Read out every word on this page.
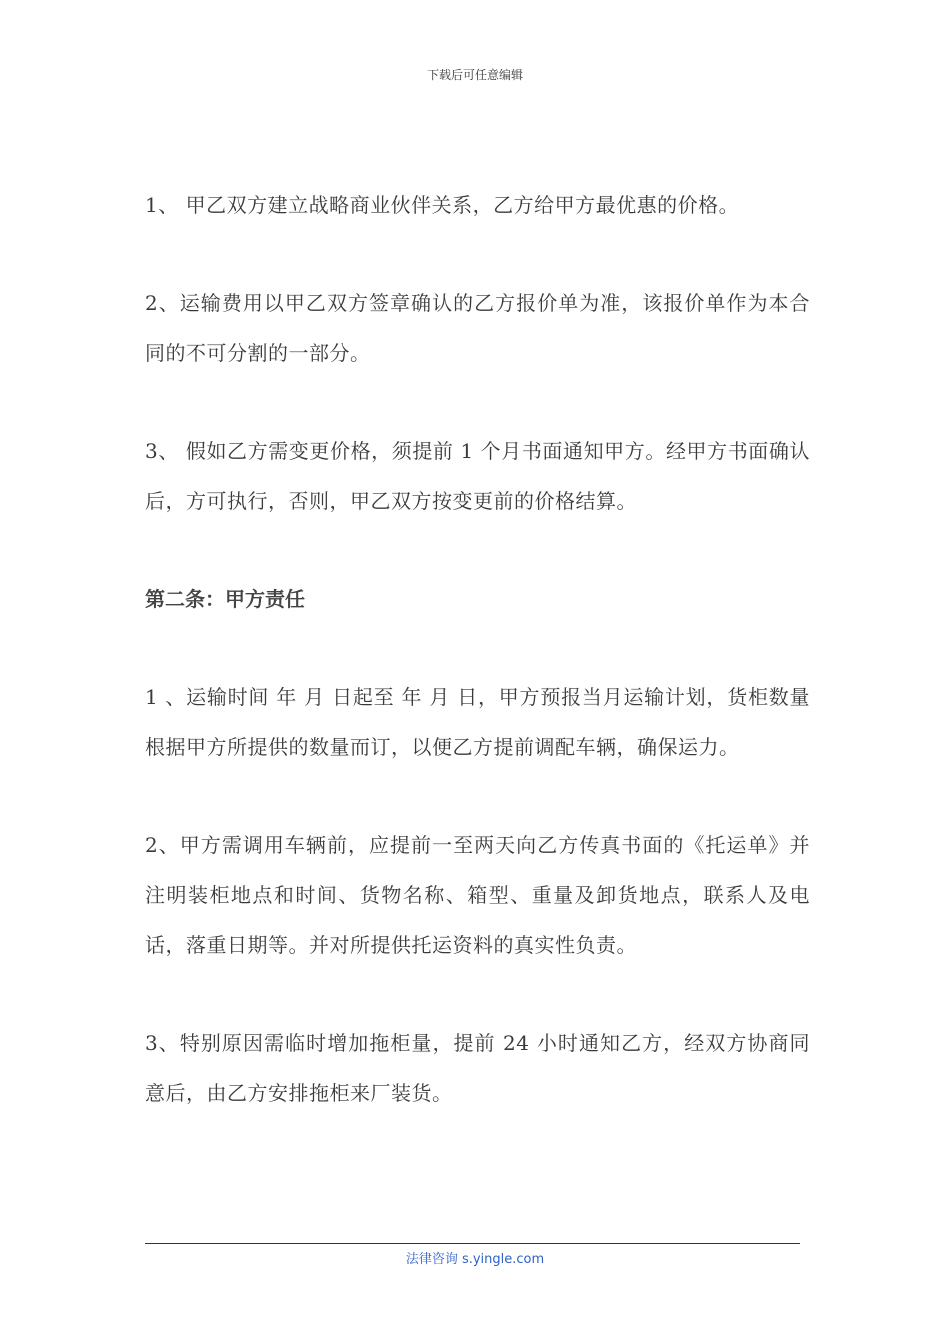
下载后可任意编辑

1、 甲乙双方建立战略商业伙伴关系，乙方给甲方最优惠的价格。

2、运输费用以甲乙双方签章确认的乙方报价单为准，该报价单作为本合同的不可分割的一部分。

3、 假如乙方需变更价格，须提前 1 个月书面通知甲方。经甲方书面确认后，方可执行，否则，甲乙双方按变更前的价格结算。

第二条：甲方责任

1 、运输时间 年 月 日起至 年 月 日，甲方预报当月运输计划，货柜数量根据甲方所提供的数量而订，以便乙方提前调配车辆，确保运力。

2、甲方需调用车辆前，应提前一至两天向乙方传真书面的《托运单》并注明装柜地点和时间、货物名称、箱型、重量及卸货地点，联系人及电话，落重日期等。并对所提供托运资料的真实性负责。

3、特别原因需临时增加拖柜量，提前 24 小时通知乙方，经双方协商同意后，由乙方安排拖柜来厂装货。

法律咨询 s.yingle.com
